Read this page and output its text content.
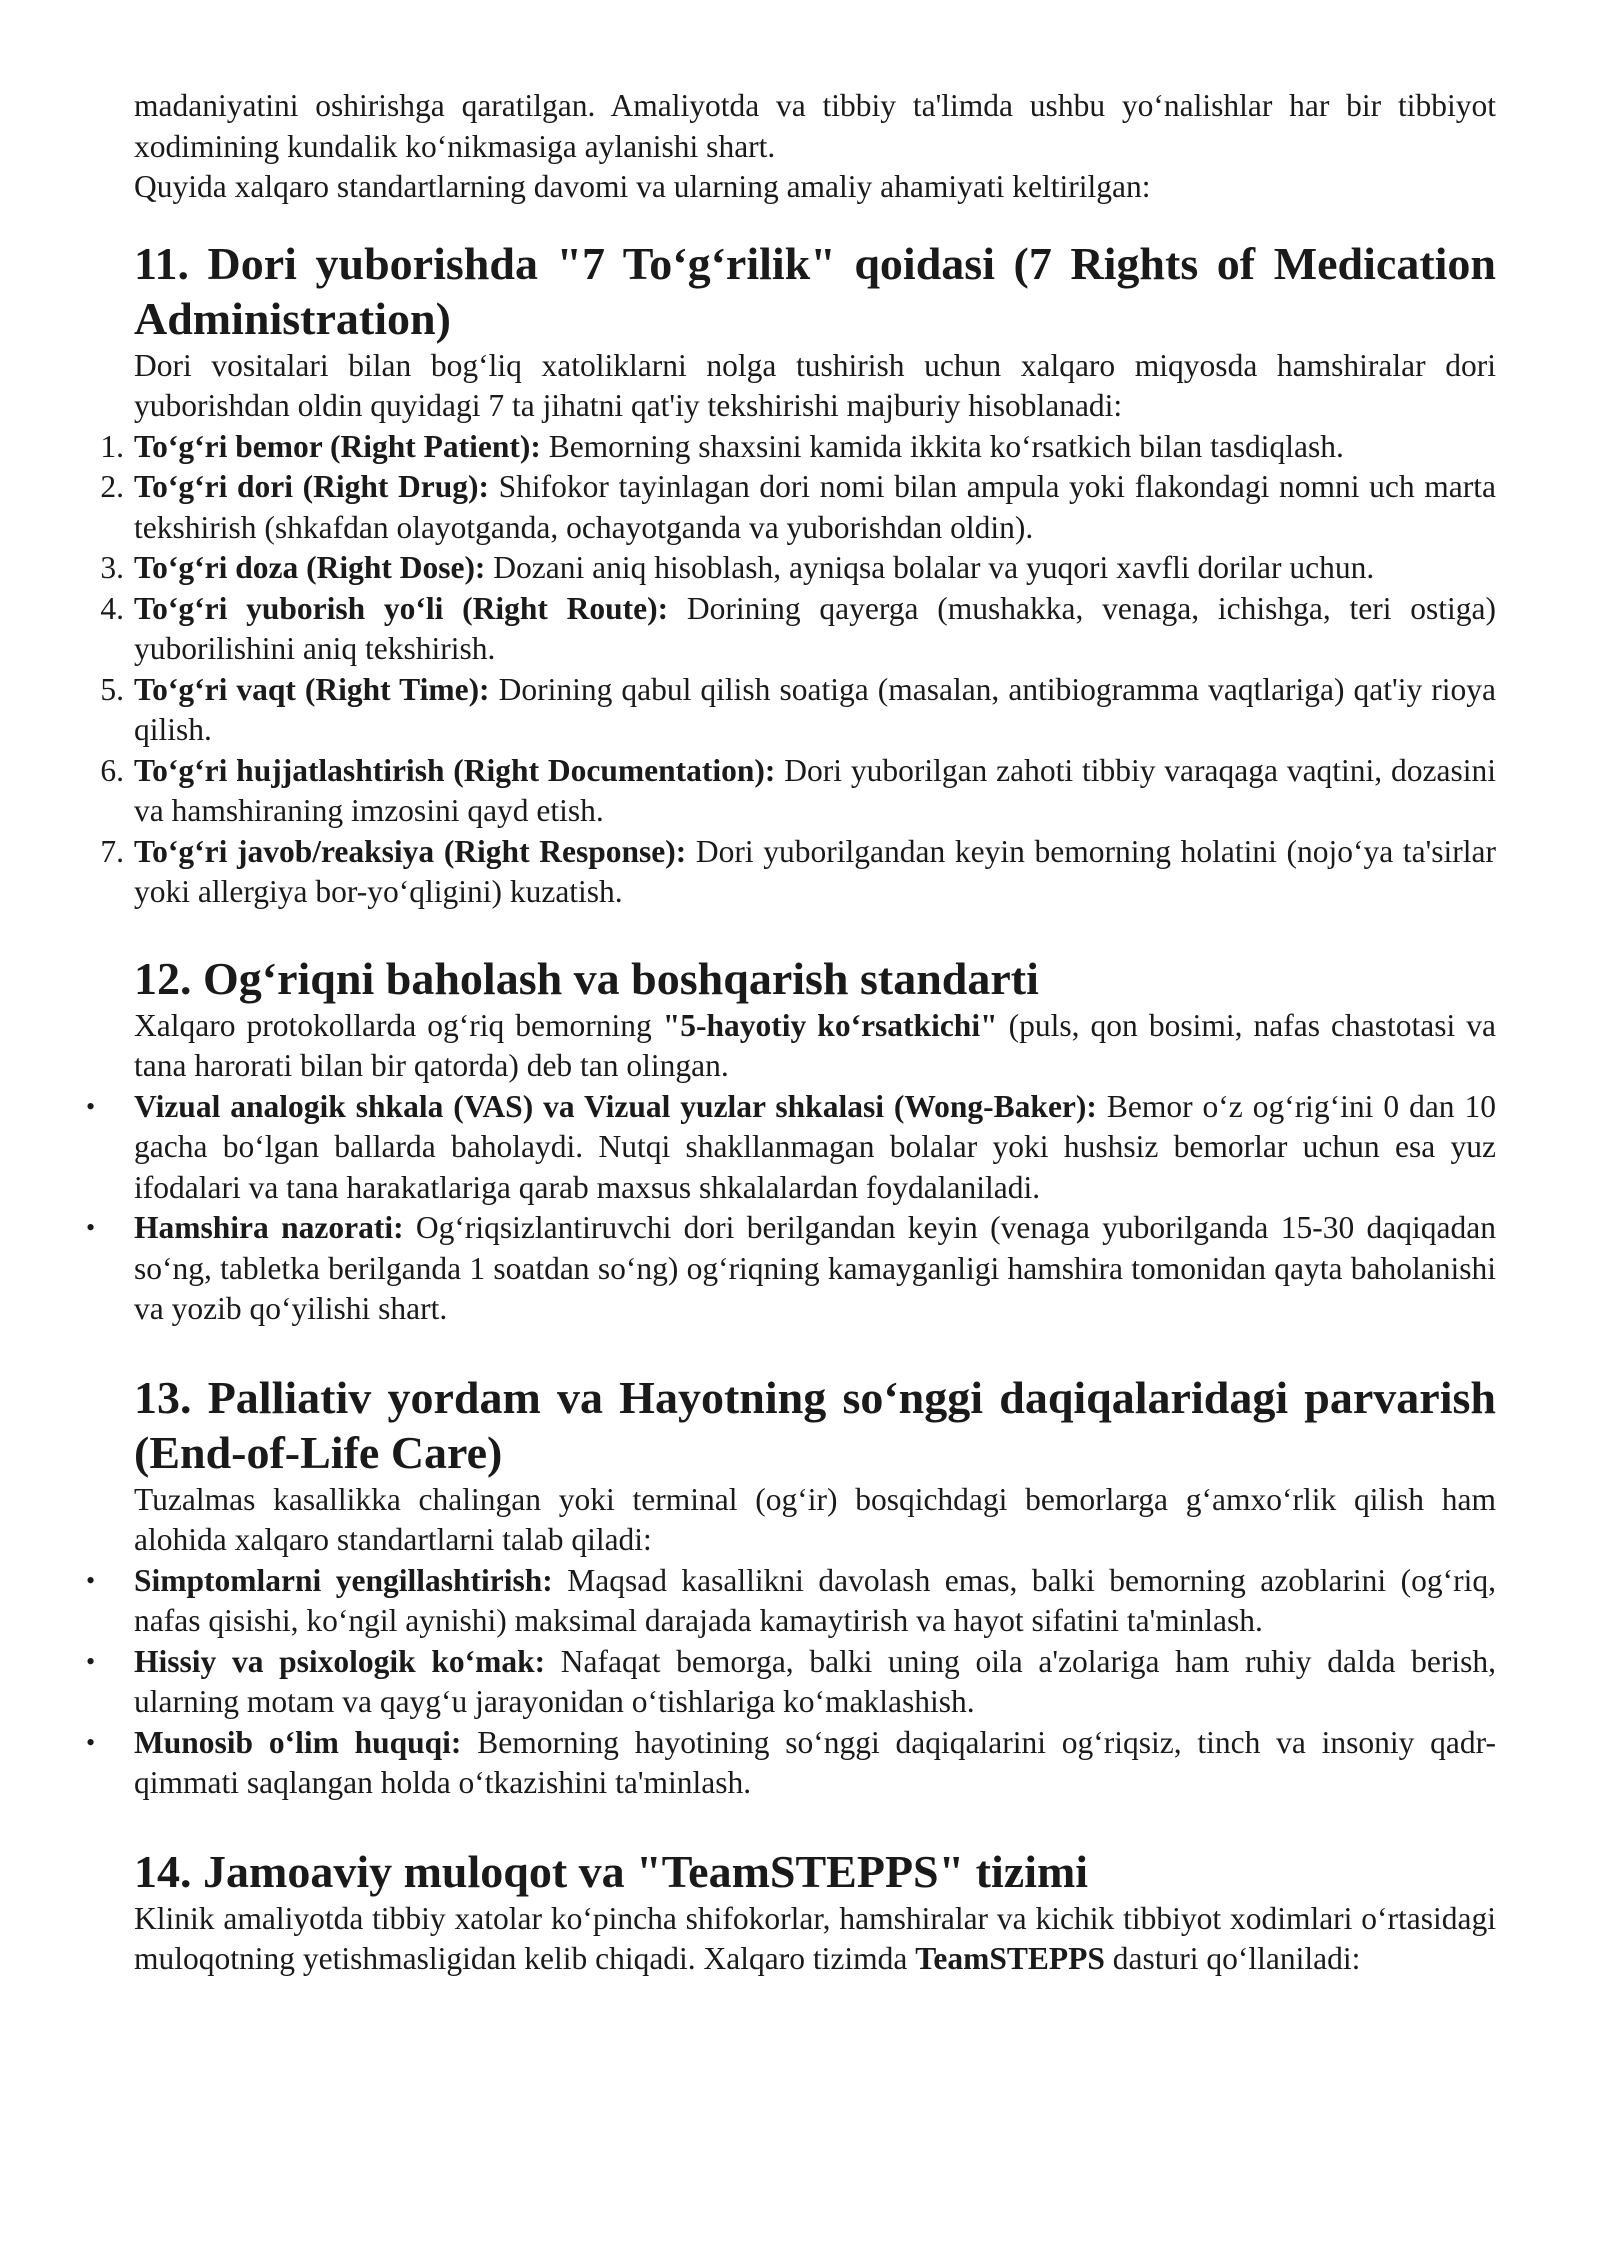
madaniyatini oshirishga qaratilgan. Amaliyotda va tibbiy ta'limda ushbu yo‘nalishlar har bir tibbiyot xodimining kundalik ko‘nikmasiga aylanishi shart.

Quyida xalqaro standartlarning davomi va ularning amaliy ahamiyati keltirilgan:

11. Dori yuborishda "7 To‘g‘rilik" qoidasi (7 Rights of Medication Administration)

Dori vositalari bilan bog‘liq xatoliklarni nolga tushirish uchun xalqaro miqyosda hamshiralar dori yuborishdan oldin quyidagi 7 ta jihatni qat'iy tekshirishi majburiy hisoblanadi:

1. To‘g‘ri bemor (Right Patient): Bemorning shaxsini kamida ikkita ko‘rsatkich bilan tasdiqlash.
2. To‘g‘ri dori (Right Drug): Shifokor tayinlagan dori nomi bilan ampula yoki flakondagi nomni uch marta tekshirish (shkafdan olayotganda, ochayotganda va yuborishdan oldin).
3. To‘g‘ri doza (Right Dose): Dozani aniq hisoblash, ayniqsa bolalar va yuqori xavfli dorilar uchun.
4. To‘g‘ri yuborish yo‘li (Right Route): Dorining qayerga (mushakka, venaga, ichishga, teri ostiga) yuborilishini aniq tekshirish.
5. To‘g‘ri vaqt (Right Time): Dorining qabul qilish soatiga (masalan, antibiogramma vaqtlariga) qat'iy rioya qilish.
6. To‘g‘ri hujjatlashtirish (Right Documentation): Dori yuborilgan zahoti tibbiy varaqaga vaqtini, dozasini va hamshiraning imzosini qayd etish.
7. To‘g‘ri javob/reaksiya (Right Response): Dori yuborilgandan keyin bemorning holatini (nojo‘ya ta'sirlar yoki allergiya bor-yo‘qligini) kuzatish.
12. Og‘riqni baholash va boshqarish standarti

Xalqaro protokollarda og‘riq bemorning "5-hayotiy ko‘rsatkichi" (puls, qon bosimi, nafas chastotasi va tana harorati bilan bir qatorda) deb tan olingan.

• Vizual analogik shkala (VAS) va Vizual yuzlar shkalasi (Wong-Baker): Bemor o‘z og‘rig‘ini 0 dan 10 gacha bo‘lgan ballarda baholaydi. Nutqi shakllanmagan bolalar yoki hushsiz bemorlar uchun esa yuz ifodalari va tana harakatlariga qarab maxsus shkalalardan foydalaniladi.
• Hamshira nazorati: Og‘riqsizlantiruvchi dori berilgandan keyin (venaga yuborilganda 15-30 daqiqadan so‘ng, tabletka berilganda 1 soatdan so‘ng) og‘riqning kamayganligi hamshira tomonidan qayta baholanishi va yozib qo‘yilishi shart.
13. Palliativ yordam va Hayotning so‘nggi daqiqalaridagi parvarish (End-of-Life Care)

Tuzalmas kasallikka chalingan yoki terminal (og‘ir) bosqichdagi bemorlarga g‘amxo‘rlik qilish ham alohida xalqaro standartlarni talab qiladi:

• Simptomlarni yengillashtirish: Maqsad kasallikni davolash emas, balki bemorning azoblarini (og‘riq, nafas qisishi, ko‘ngil aynishi) maksimal darajada kamaytirish va hayot sifatini ta'minlash.
• Hissiy va psixologik ko‘mak: Nafaqat bemorga, balki uning oila a'zolariga ham ruhiy dalda berish, ularning motam va qayg‘u jarayonidan o‘tishlariga ko‘maklashish.
• Munosib o‘lim huquqi: Bemorning hayotining so‘nggi daqiqalarini og‘riqsiz, tinch va insoniy qadr-qimmati saqlangan holda o‘tkazishini ta'minlash.
14. Jamoaviy muloqot va "TeamSTEPPS" tizimi

Klinik amaliyotda tibbiy xatolar ko‘pincha shifokorlar, hamshiralar va kichik tibbiyot xodimlari o‘rtasidagi muloqotning yetishmasligidan kelib chiqadi. Xalqaro tizimda TeamSTEPPS dasturi qo‘llaniladi:
